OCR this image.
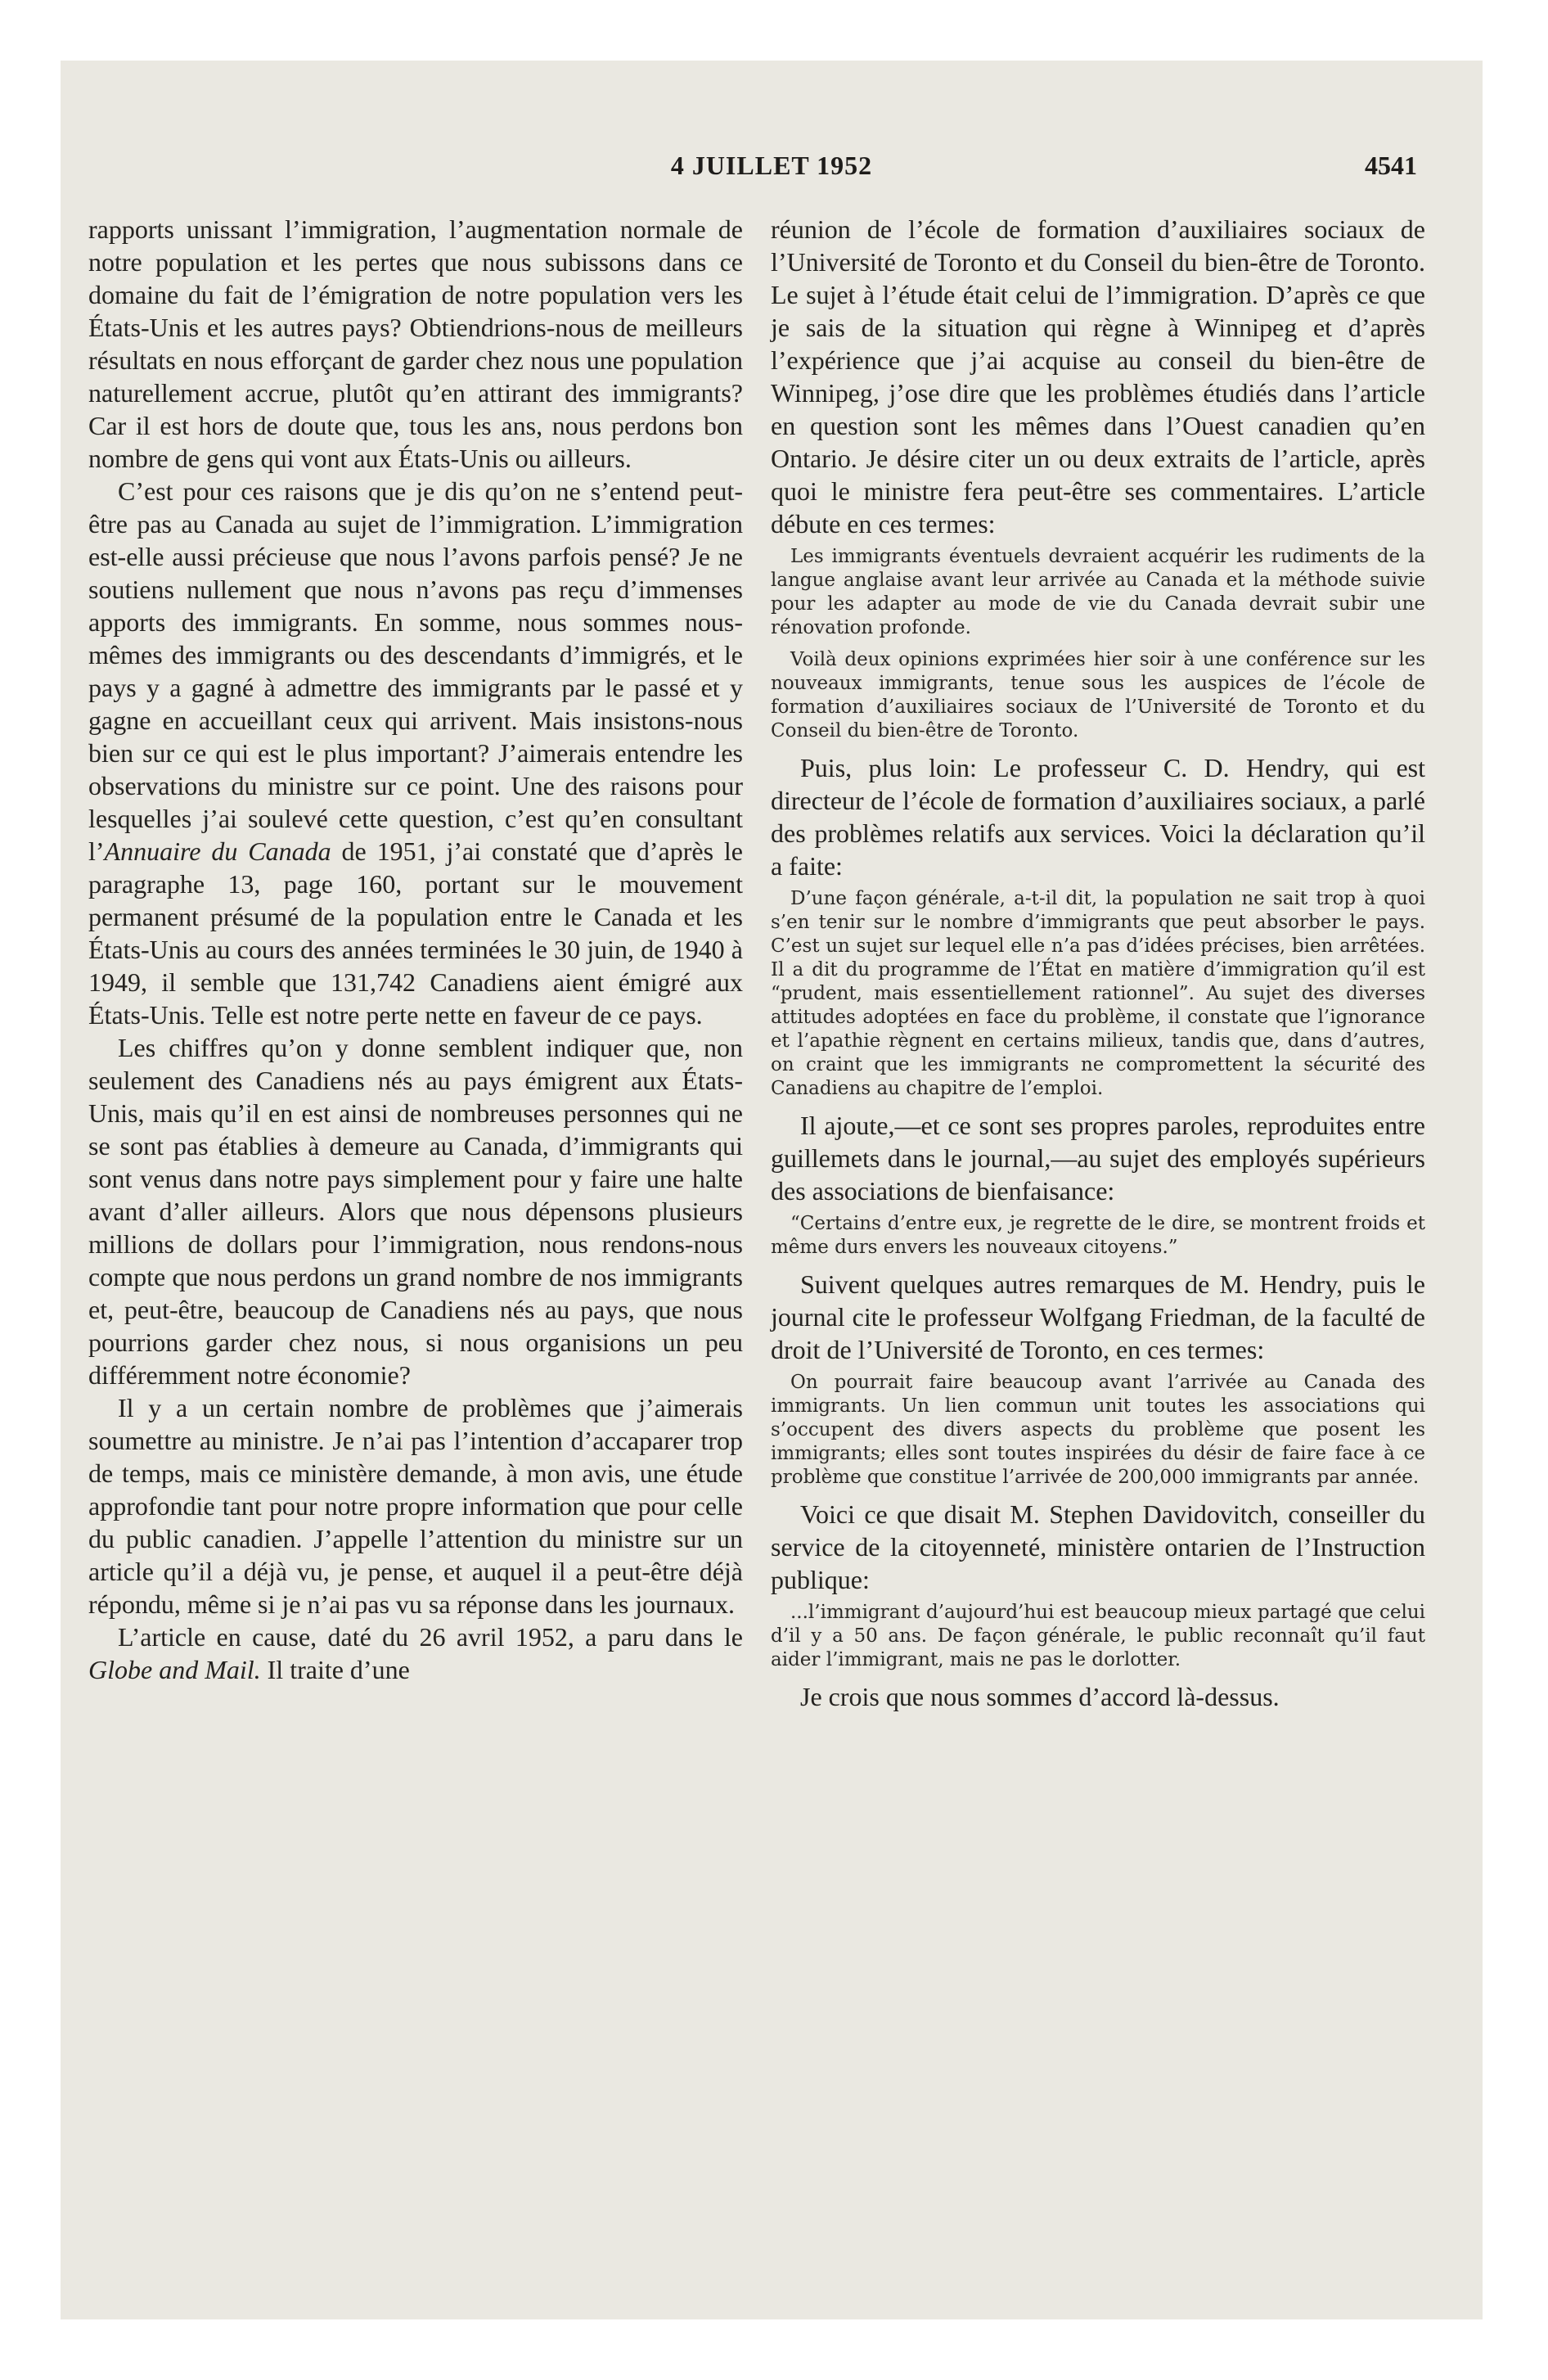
4 JUILLET 1952	4541

rapports unissant l’immigration, l’augmentation normale de notre population et les pertes que nous subissons dans ce domaine du fait de l’émigration de notre population vers les États-Unis et les autres pays? Obtiendrions-nous de meilleurs résultats en nous efforçant de garder chez nous une population naturellement accrue, plutôt qu’en attirant des immigrants? Car il est hors de doute que, tous les ans, nous perdons bon nombre de gens qui vont aux États-Unis ou ailleurs.

C’est pour ces raisons que je dis qu’on ne s’entend peut-être pas au Canada au sujet de l’immigration. L’immigration est-elle aussi précieuse que nous l’avons parfois pensé? Je ne soutiens nullement que nous n’avons pas reçu d’immenses apports des immigrants. En somme, nous sommes nous-mêmes des immigrants ou des descendants d’immigrés, et le pays y a gagné à admettre des immigrants par le passé et y gagne en accueillant ceux qui arrivent. Mais insistons-nous bien sur ce qui est le plus important? J’aimerais entendre les observations du ministre sur ce point. Une des raisons pour lesquelles j’ai soulevé cette question, c’est qu’en consultant l’Annuaire du Canada de 1951, j’ai constaté que d’après le paragraphe 13, page 160, portant sur le mouvement permanent présumé de la population entre le Canada et les États-Unis au cours des années terminées le 30 juin, de 1940 à 1949, il semble que 131,742 Canadiens aient émigré aux États-Unis. Telle est notre perte nette en faveur de ce pays.

Les chiffres qu’on y donne semblent indiquer que, non seulement des Canadiens nés au pays émigrent aux États-Unis, mais qu’il en est ainsi de nombreuses personnes qui ne se sont pas établies à demeure au Canada, d’immigrants qui sont venus dans notre pays simplement pour y faire une halte avant d’aller ailleurs. Alors que nous dépensons plusieurs millions de dollars pour l’immigration, nous rendons-nous compte que nous perdons un grand nombre de nos immigrants et, peut-être, beaucoup de Canadiens nés au pays, que nous pourrions garder chez nous, si nous organisions un peu différemment notre économie?

Il y a un certain nombre de problèmes que j’aimerais soumettre au ministre. Je n’ai pas l’intention d’accaparer trop de temps, mais ce ministère demande, à mon avis, une étude approfondie tant pour notre propre information que pour celle du public canadien. J’appelle l’attention du ministre sur un article qu’il a déjà vu, je pense, et auquel il a peut-être déjà répondu, même si je n’ai pas vu sa réponse dans les journaux.

L’article en cause, daté du 26 avril 1952, a paru dans le Globe and Mail. Il traite d’une

réunion de l’école de formation d’auxiliaires sociaux de l’Université de Toronto et du Conseil du bien-être de Toronto. Le sujet à l’étude était celui de l’immigration. D’après ce que je sais de la situation qui règne à Winnipeg et d’après l’expérience que j’ai acquise au conseil du bien-être de Winnipeg, j’ose dire que les problèmes étudiés dans l’article en question sont les mêmes dans l’Ouest canadien qu’en Ontario. Je désire citer un ou deux extraits de l’article, après quoi le ministre fera peut-être ses commentaires. L’article débute en ces termes:

Les immigrants éventuels devraient acquérir les rudiments de la langue anglaise avant leur arrivée au Canada et la méthode suivie pour les adapter au mode de vie du Canada devrait subir une rénovation profonde.

Voilà deux opinions exprimées hier soir à une conférence sur les nouveaux immigrants, tenue sous les auspices de l’école de formation d’auxiliaires sociaux de l’Université de Toronto et du Conseil du bien-être de Toronto.

Puis, plus loin: Le professeur C. D. Hendry, qui est directeur de l’école de formation d’auxiliaires sociaux, a parlé des problèmes relatifs aux services. Voici la déclaration qu’il a faite:

D’une façon générale, a-t-il dit, la population ne sait trop à quoi s’en tenir sur le nombre d’immigrants que peut absorber le pays. C’est un sujet sur lequel elle n’a pas d’idées précises, bien arrêtées. Il a dit du programme de l’État en matière d’immigration qu’il est “prudent, mais essentiellement rationnel”. Au sujet des diverses attitudes adoptées en face du problème, il constate que l’ignorance et l’apathie règnent en certains milieux, tandis que, dans d’autres, on craint que les immigrants ne compromettent la sécurité des Canadiens au chapitre de l’emploi.

Il ajoute,—et ce sont ses propres paroles, reproduites entre guillemets dans le journal,—au sujet des employés supérieurs des associations de bienfaisance:

“Certains d’entre eux, je regrette de le dire, se montrent froids et même durs envers les nouveaux citoyens.”

Suivent quelques autres remarques de M. Hendry, puis le journal cite le professeur Wolfgang Friedman, de la faculté de droit de l’Université de Toronto, en ces termes:

On pourrait faire beaucoup avant l’arrivée au Canada des immigrants. Un lien commun unit toutes les associations qui s’occupent des divers aspects du problème que posent les immigrants; elles sont toutes inspirées du désir de faire face à ce problème que constitue l’arrivée de 200,000 immigrants par année.

Voici ce que disait M. Stephen Davidovitch, conseiller du service de la citoyenneté, ministère ontarien de l’Instruction publique:

...l’immigrant d’aujourd’hui est beaucoup mieux partagé que celui d’il y a 50 ans. De façon générale, le public reconnaît qu’il faut aider l’immigrant, mais ne pas le dorlotter.

Je crois que nous sommes d’accord là-dessus.
